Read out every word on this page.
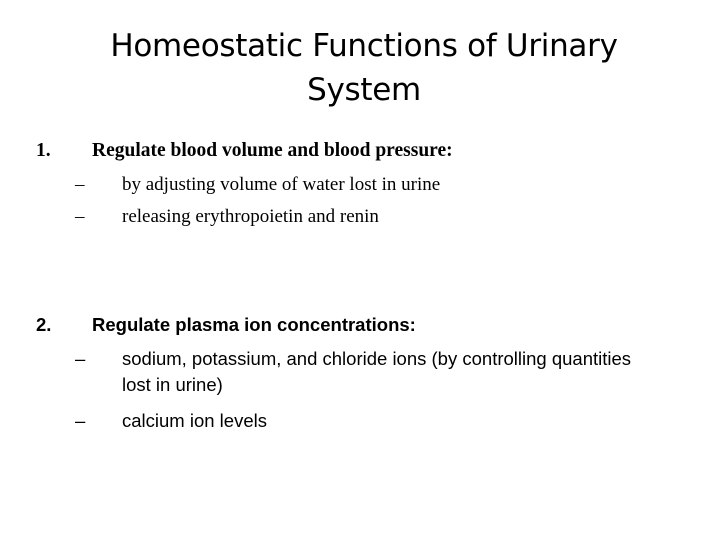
Homeostatic Functions of Urinary System
1. Regulate blood volume and blood pressure:
– by adjusting volume of water lost in urine
– releasing erythropoietin and renin
2. Regulate plasma ion concentrations:
– sodium, potassium, and chloride ions (by controlling quantities lost in urine)
– calcium ion levels
